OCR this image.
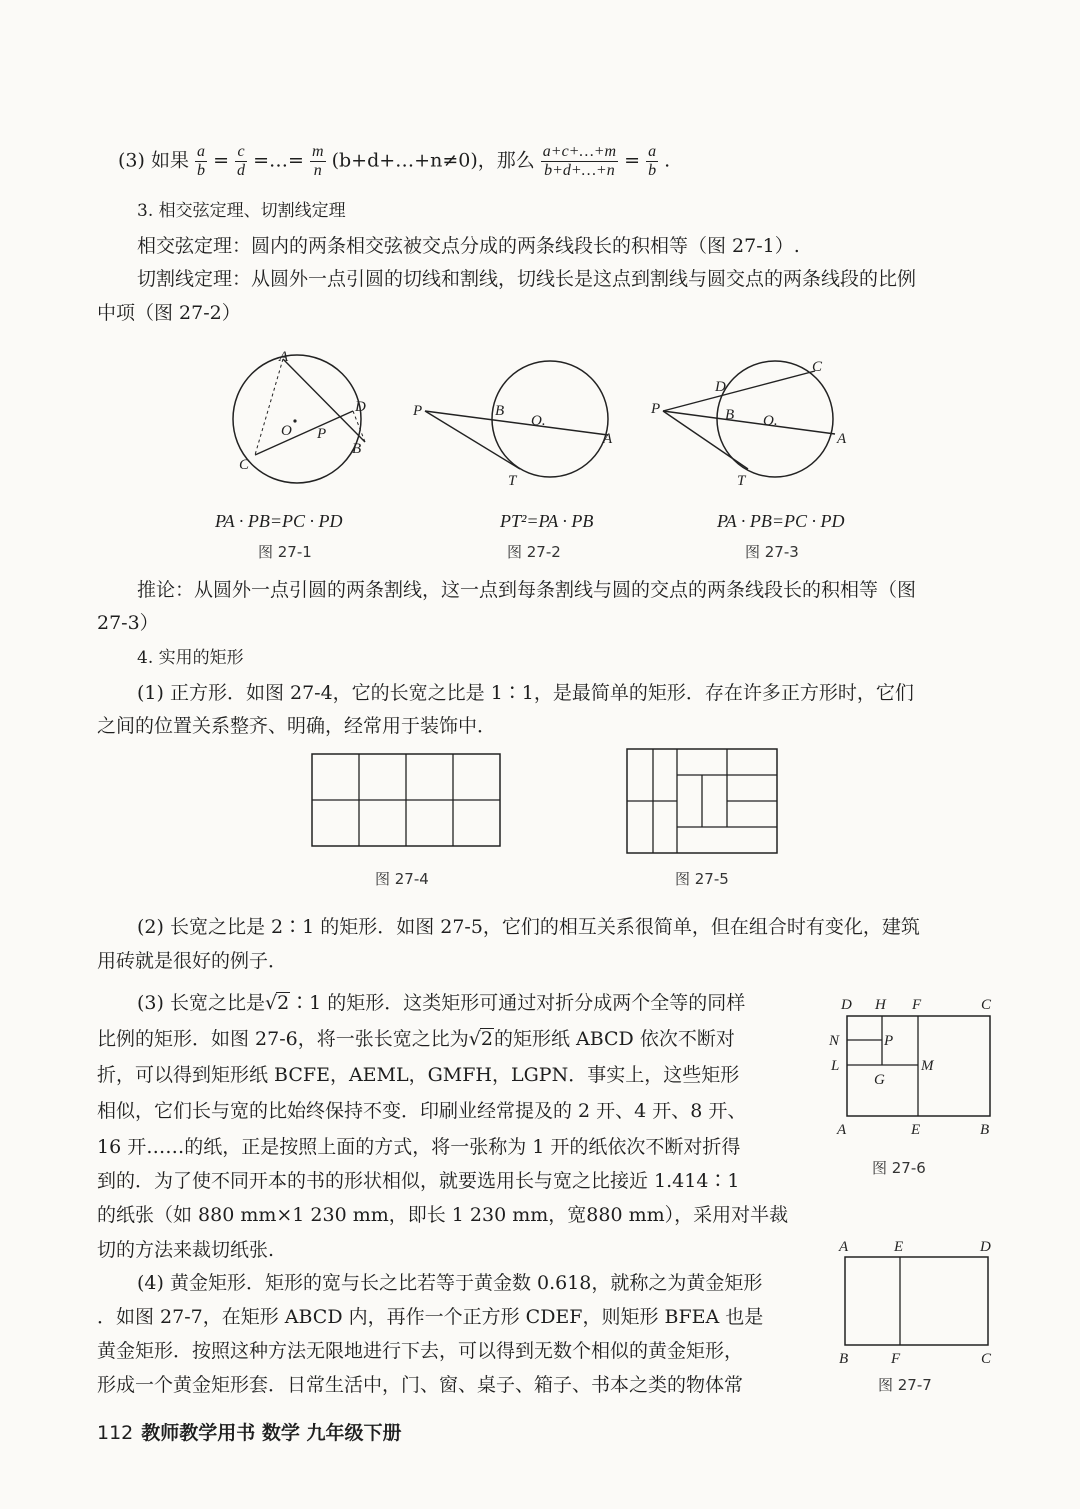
(3) 如果 $\frac{a}{b} = \frac{c}{d}$ =…= $\frac{m}{n}$ (b+d+…+n≠0)，那么 $\frac{a+c+\dots+m}{b+d+\dots+n} = \frac{a}{b}$ .
3. 相交弦定理、切割线定理
相交弦定理：圆内的两条相交弦被交点分成的两条线段长的积相等（图 27-1）.
切割线定理：从圆外一点引圆的切线和割线，切线长是这点到割线与圆交点的两条线段的比例
中项（图 27-2）
A
O P
D
B
C
PA · PB=PC · PD
图 27-1
P	B
O.
A
T
PT²=PA · PB
图 27-2
P
D
C
B O.
A
T
PA · PB=PC · PD
图 27-3
推论：从圆外一点引圆的两条割线，这一点到每条割线与圆的交点的两条线段长的积相等（图
27-3）
4. 实用的矩形
(1) 正方形．如图 27-4，它的长宽之比是 1∶1，是最简单的矩形．存在许多正方形时，它们
之间的位置关系整齐、明确，经常用于装饰中．
图 27-4	图 27-5
(2) 长宽之比是 2∶1 的矩形．如图 27-5，它们的相互关系很简单，但在组合时有变化，建筑
用砖就是很好的例子．
(3) 长宽之比是√2∶1 的矩形．这类矩形可通过对折分成两个全等的同样
比例的矩形．如图 27-6，将一张长宽之比为√2的矩形纸 ABCD 依次不断对
折，可以得到矩形纸 BCFE，AEML，GMFH，LGPN．事实上，这些矩形
相似，它们长与宽的比始终保持不变．印刷业经常提及的 2 开、4 开、8 开、
16 开……的纸，正是按照上面的方式，将一张称为 1 开的纸依次不断对折得
到的．为了使不同开本的书的形状相似，就要选用长与宽之比接近 1.414∶1
的纸张（如 880 mm×1 230 mm，即长 1 230 mm，宽880 mm），采用对半裁
切的方法来裁切纸张.
D H F	C
N	P
L	M
G
A	E	B
图 27-6
(4) 黄金矩形．矩形的宽与长之比若等于黄金数 0.618，就称之为黄金矩形
．如图 27-7，在矩形 ABCD 内，再作一个正方形 CDEF，则矩形 BFEA 也是
黄金矩形．按照这种方法无限地进行下去，可以得到无数个相似的黄金矩形，
形成一个黄金矩形套．日常生活中，门、窗、桌子、箱子、书本之类的物体常
A	E	D
B	F	C
图 27-7
112 教师教学用书 数学 九年级下册
